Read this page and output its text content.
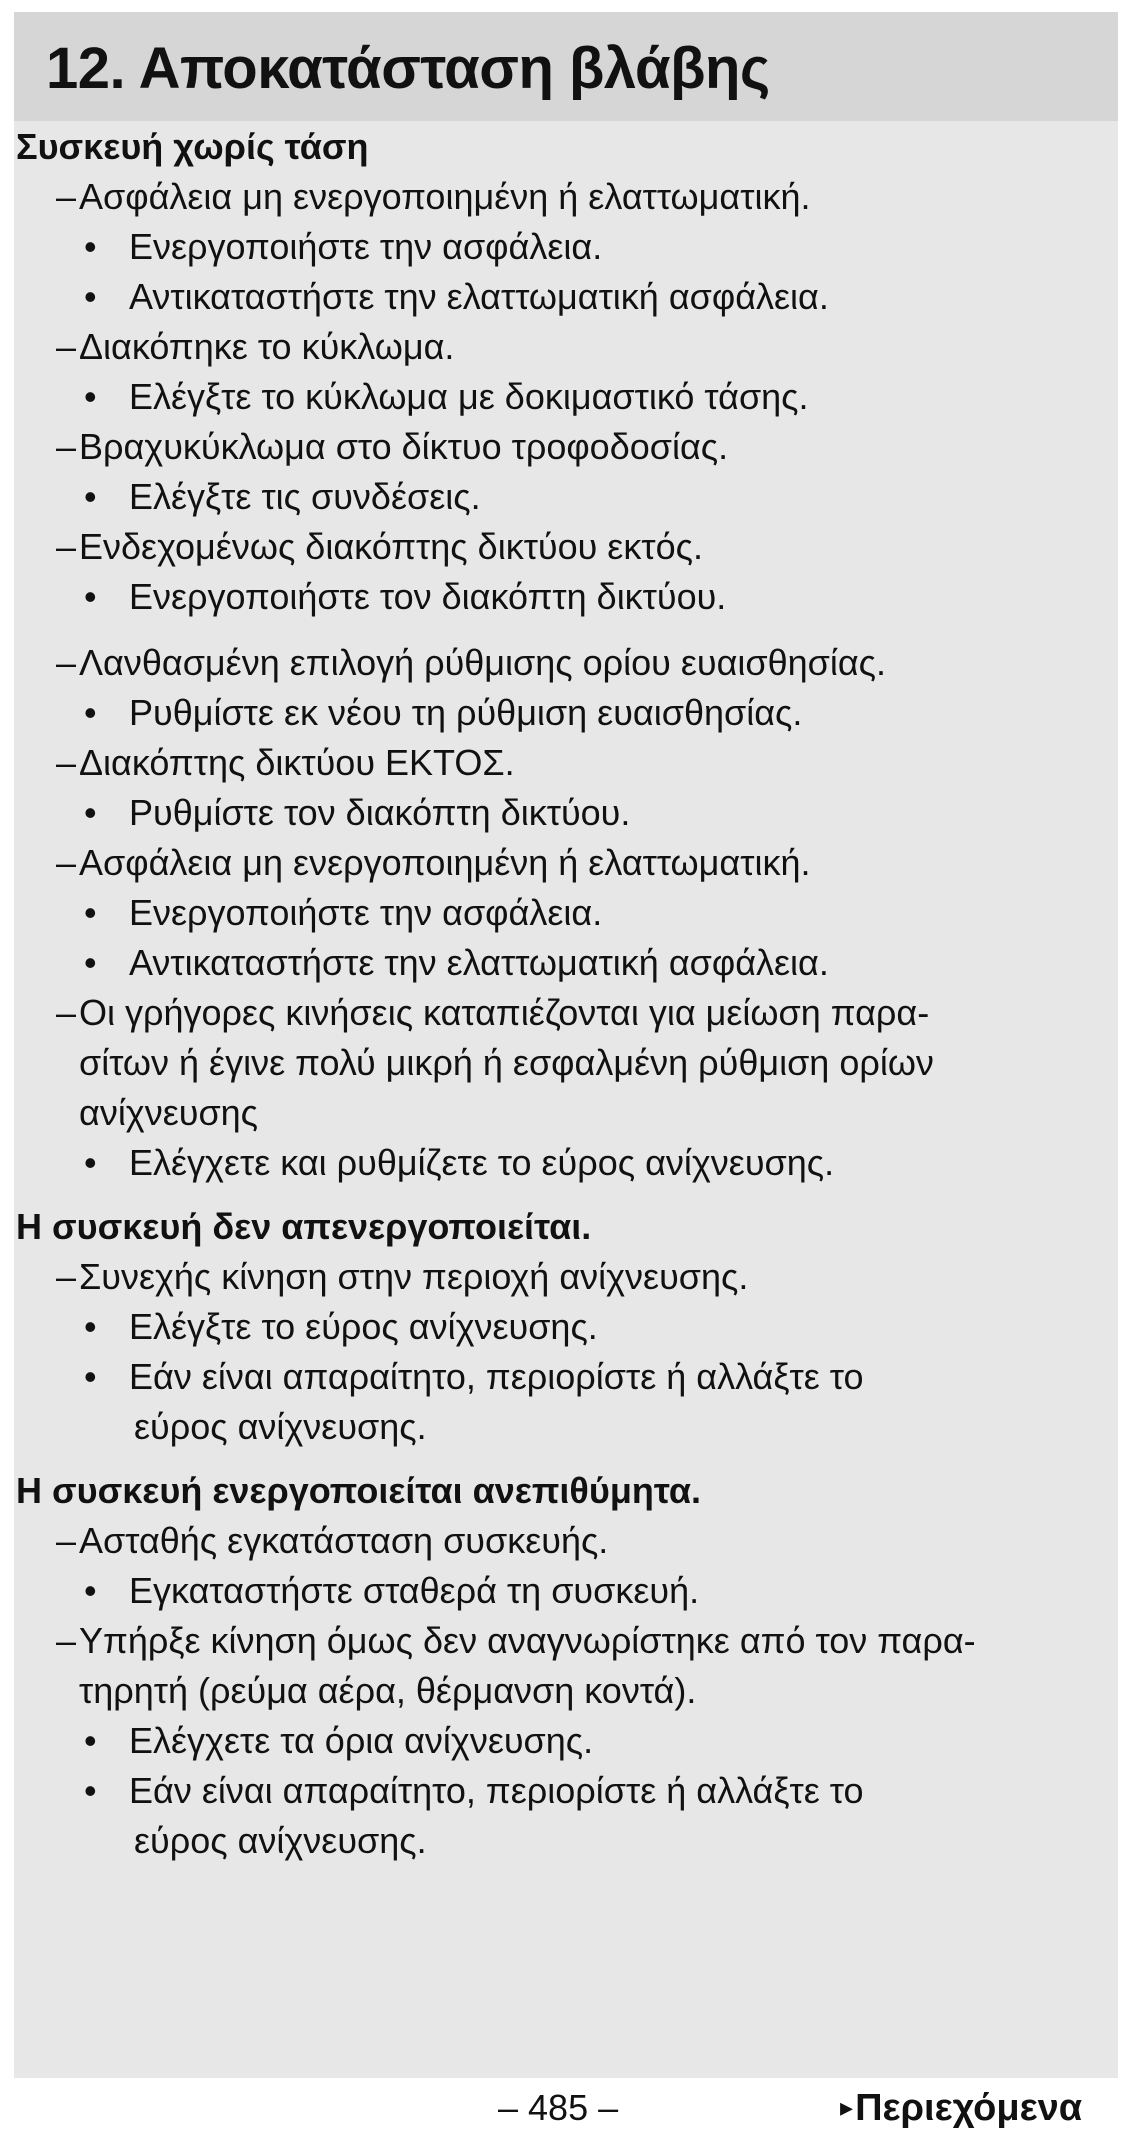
12. Αποκατάσταση βλάβης
Συσκευή χωρίς τάση
– Ασφάλεια μη ενεργοποιημένη ή ελαττωματική.
• Ενεργοποιήστε την ασφάλεια.
• Αντικαταστήστε την ελαττωματική ασφάλεια.
– Διακόπηκε το κύκλωμα.
• Ελέγξτε το κύκλωμα με δοκιμαστικό τάσης.
– Βραχυκύκλωμα στο δίκτυο τροφοδοσίας.
• Ελέγξτε τις συνδέσεις.
– Ενδεχομένως διακόπτης δικτύου εκτός.
• Ενεργοποιήστε τον διακόπτη δικτύου.
– Λανθασμένη επιλογή ρύθμισης ορίου ευαισθησίας.
• Ρυθμίστε εκ νέου τη ρύθμιση ευαισθησίας.
– Διακόπτης δικτύου ΕΚΤΟΣ.
• Ρυθμίστε τον διακόπτη δικτύου.
– Ασφάλεια μη ενεργοποιημένη ή ελαττωματική.
• Ενεργοποιήστε την ασφάλεια.
• Αντικαταστήστε την ελαττωματική ασφάλεια.
– Οι γρήγορες κινήσεις καταπιέζονται για μείωση παρα-
σίτων ή έγινε πολύ μικρή ή εσφαλμένη ρύθμιση ορίων
ανίχνευσης
• Ελέγχετε και ρυθμίζετε το εύρος ανίχνευσης.
Η συσκευή δεν απενεργοποιείται.
– Συνεχής κίνηση στην περιοχή ανίχνευσης.
• Ελέγξτε το εύρος ανίχνευσης.
• Εάν είναι απαραίτητο, περιορίστε ή αλλάξτε το
εύρος ανίχνευσης.
Η συσκευή ενεργοποιείται ανεπιθύμητα.
– Ασταθής εγκατάσταση συσκευής.
• Εγκαταστήστε σταθερά τη συσκευή.
– Υπήρξε κίνηση όμως δεν αναγνωρίστηκε από τον παρα-
τηρητή (ρεύμα αέρα, θέρμανση κοντά).
• Ελέγχετε τα όρια ανίχνευσης.
• Εάν είναι απαραίτητο, περιορίστε ή αλλάξτε το
εύρος ανίχνευσης.
– 485 –	▸Περιεχόμενα
